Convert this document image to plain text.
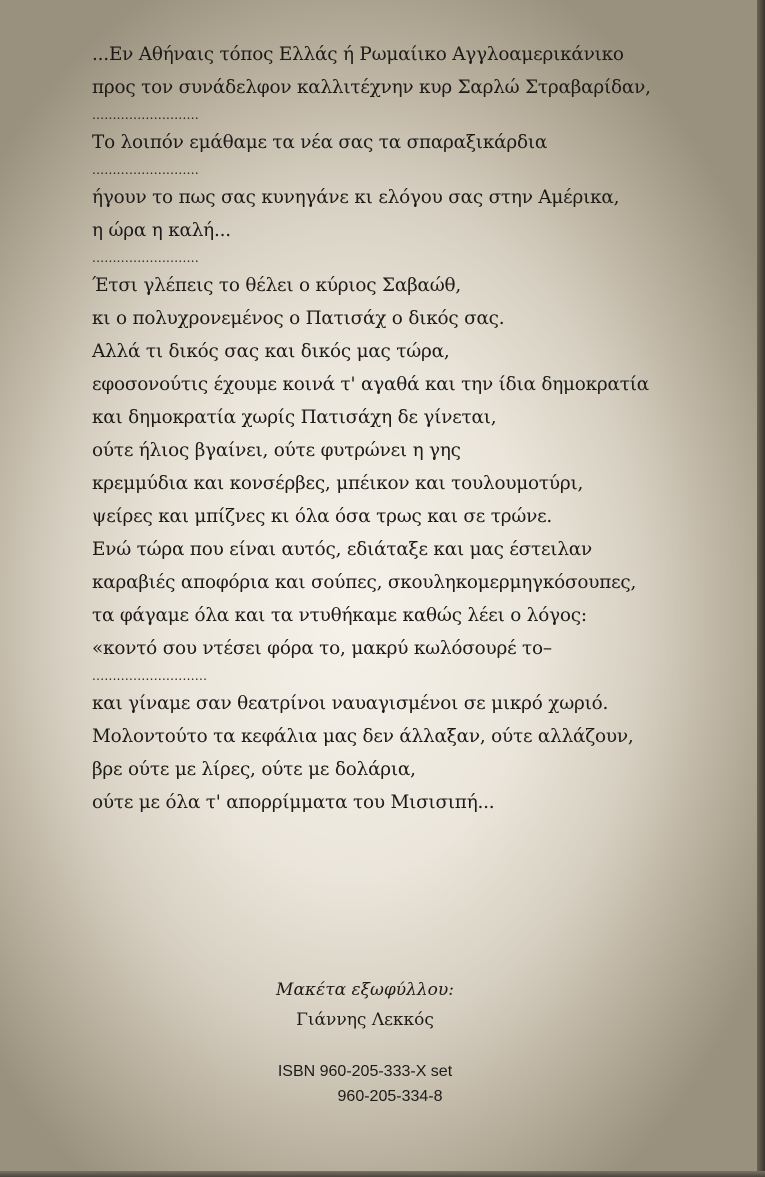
...Εν Αθήναις τόπος Ελλάς ή Ρωμαίικο Αγγλοαμερικάνικο
προς τον συνάδελφον καλλιτέχνην κυρ Σαρλώ Στραβαρίδαν,
..........................
Το λοιπόν εμάθαμε τα νέα σας τα σπαραξικάρδια
..........................
ήγουν το πως σας κυνηγάνε κι ελόγου σας στην Αμέρικα,
η ώρα η καλή...
..........................
Έτσι γλέπεις το θέλει ο κύριος Σαβαώθ,
κι ο πολυχρονεμένος ο Πατισάχ ο δικός σας.
Αλλά τι δικός σας και δικός μας τώρα,
εφοσονούτις έχουμε κοινά τ' αγαθά και την ίδια δημοκρατία
και δημοκρατία χωρίς Πατισάχη δε γίνεται,
ούτε ήλιος βγαίνει, ούτε φυτρώνει η γης
κρεμμύδια και κονσέρβες, μπέικον και τουλουμοτύρι,
ψείρες και μπίζνες κι όλα όσα τρως και σε τρώνε.
Ενώ τώρα που είναι αυτός, εδιάταξε και μας έστειλαν
καραβιές αποφόρια και σούπες, σκουληκομερμηγκόσουπες,
τα φάγαμε όλα και τα ντυθήκαμε καθώς λέει ο λόγος:
«κοντό σου ντέσει φόρα το, μακρύ κωλόσουρέ το–
............................
και γίναμε σαν θεατρίνοι ναυαγισμένοι σε μικρό χωριό.
Μολοντούτο τα κεφάλια μας δεν άλλαξαν, ούτε αλλάζουν,
βρε ούτε με λίρες, ούτε με δολάρια,
ούτε με όλα τ' απορρίμματα του Μισισιπή...
Μακέτα εξωφύλλου:
Γιάννης Λεκκός
ISBN 960-205-333-X set
960-205-334-8
